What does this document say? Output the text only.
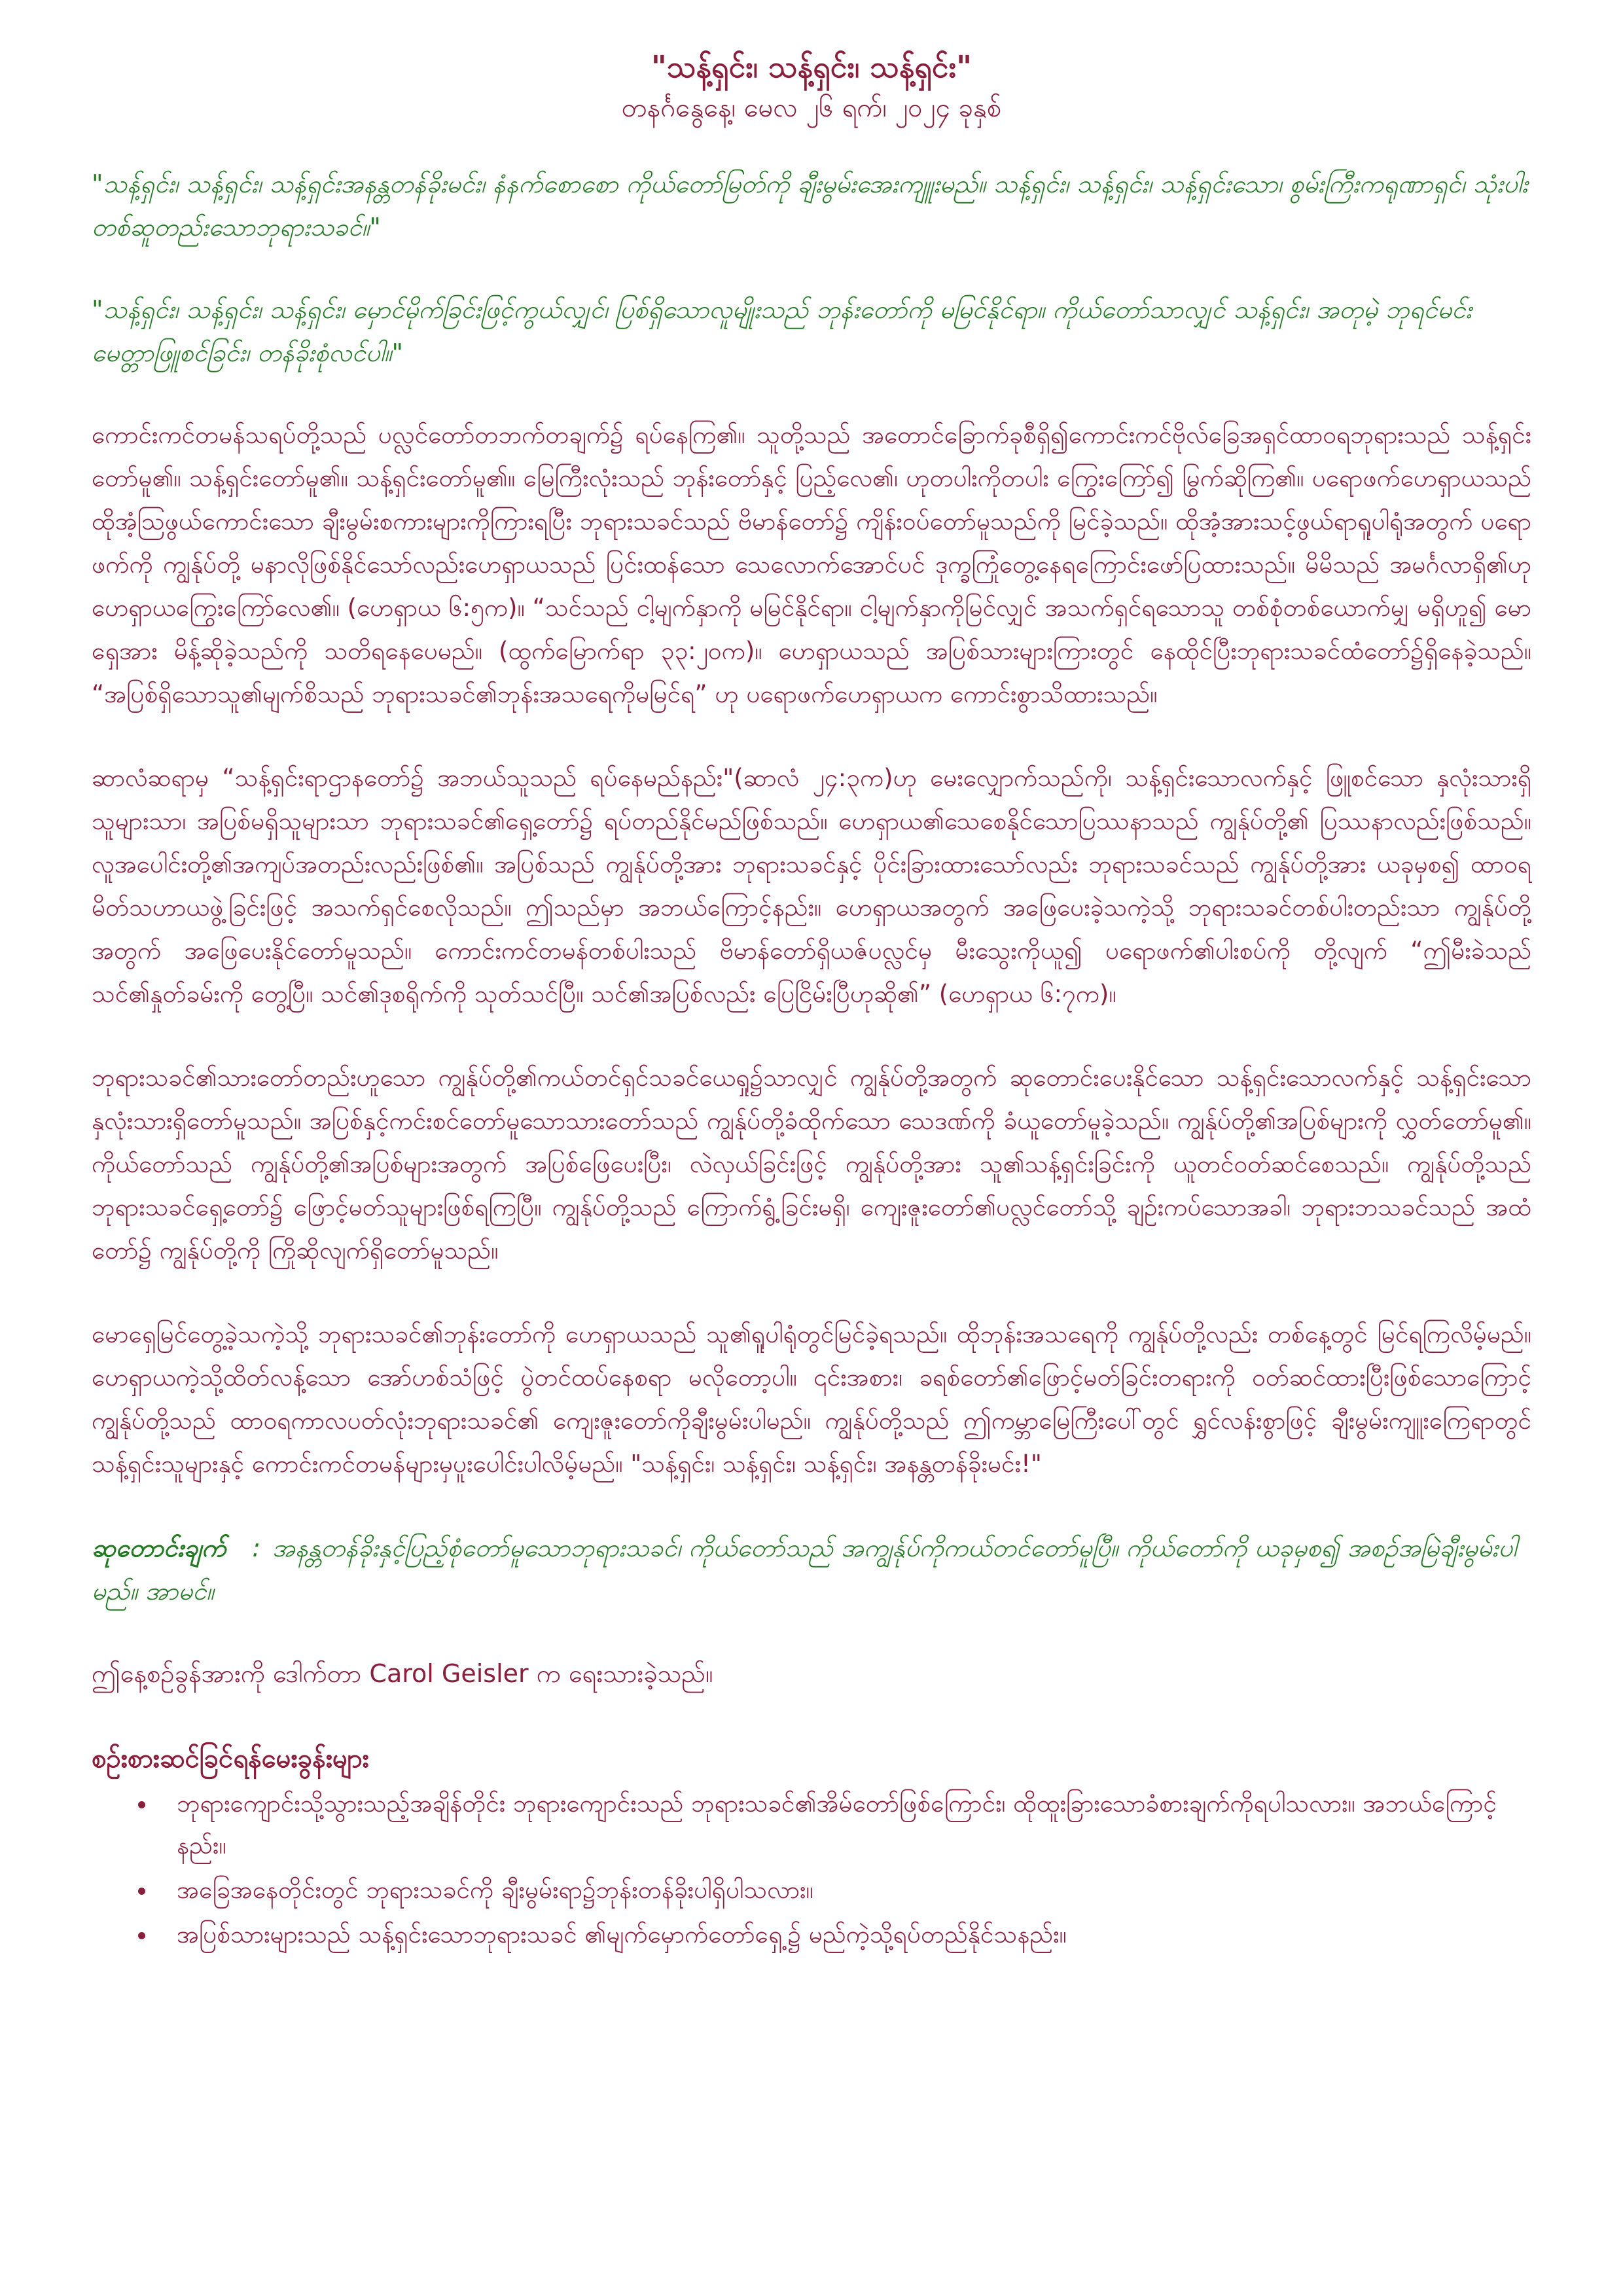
"သန့်ရှင်း၊ သန့်ရှင်း၊ သန့်ရှင်း"

တနင်္ဂနွေနေ့၊ မေလ ၂၆ ရက်၊ ၂၀၂၄ ခုနှစ်

"သန့်ရှင်း၊ သန့်ရှင်း၊ သန့်ရှင်းအနန္တတန်ခိုးမင်း၊ နံနက်စောစော ကိုယ်တော်မြတ်ကို ချီးမွမ်းအေးကျူးမည်။ သန့်ရှင်း၊ သန့်ရှင်း၊ သန့်ရှင်းသော၊ စွမ်းကြီးကရုဏာရှင်၊ သုံးပါးတစ်ဆူတည်းသောဘုရားသခင်။"

"သန့်ရှင်း၊ သန့်ရှင်း၊ သန့်ရှင်း၊ မှောင်မိုက်ခြင်းဖြင့်ကွယ်လျှင်၊ ပြစ်ရှိသောလူမျိုးသည် ဘုန်းတော်ကို မမြင်နိုင်ရာ။ ကိုယ်တော်သာလျှင် သန့်ရှင်း၊ အတုမဲ့ ဘုရင်မင်း မေတ္တာဖြူစင်ခြင်း၊ တန်ခိုးစုံလင်ပါ။"

ကောင်းကင်တမန်သရပ်တို့သည် ပလ္လင်တော်တဘက်တချက်၌ ရပ်နေကြ၏။ သူတို့သည် အတောင်ခြောက်ခုစီရှိ၍ကောင်းကင်ဗိုလ်ခြေအရှင်ထာဝရဘုရားသည် သန့်ရှင်းတော်မူ၏။ သန့်ရှင်းတော်မူ၏။ သန့်ရှင်းတော်မူ၏။ မြေကြီးလုံးသည် ဘုန်းတော်နှင့် ပြည့်လေ၏၊ ဟုတပါးကိုတပါး ကြွေးကြော်၍ မြွက်ဆိုကြ၏။ ပရောဖက်ဟေရှာယသည် ထိုအံ့သြဖွယ်ကောင်းသော ချီးမွမ်းစကားများကိုကြားရပြီး ဘုရားသခင်သည် ဗိမာန်တော်၌ ကျိန်းဝပ်တော်မူသည်ကို မြင်ခဲ့သည်။ ထိုအံ့အားသင့်ဖွယ်ရာရူပါရုံအတွက် ပရောဖက်ကို ကျွန်ုပ်တို့ မနာလိုဖြစ်နိုင်သော်လည်းဟေရှာယသည် ပြင်းထန်သော သေလောက်အောင်ပင် ဒုက္ခကြုံတွေ့နေရကြောင်းဖော်ပြထားသည်။ မိမိသည် အမင်္ဂလာရှိ၏ဟု ဟေရှာယကြွေးကြော်လေ၏။ (ဟေရှာယ ၆:၅က)။ “သင်သည် ငါ့မျက်နှာကို မမြင်နိုင်ရာ။ ငါ့မျက်နှာကိုမြင်လျှင် အသက်ရှင်ရသောသူ တစ်စုံတစ်ယောက်မျှ မရှိဟူ၍ မောရှေအား မိန့်ဆိုခဲ့သည်ကို သတိရနေပေမည်။ (ထွက်မြောက်ရာ ၃၃:၂၀က)။ ဟေရှာယသည် အပြစ်သားများကြားတွင် နေထိုင်ပြီးဘုရားသခင်ထံတော်၌ရှိနေခဲ့သည်။ “အပြစ်ရှိသောသူ၏မျက်စိသည် ဘုရားသခင်၏ဘုန်းအသရေကိုမမြင်ရ” ဟု ပရောဖက်ဟေရှာယက ကောင်းစွာသိထားသည်။

ဆာလံဆရာမှ “သန့်ရှင်းရာဌာနတော်၌ အဘယ်သူသည် ရပ်နေမည်နည်း"(ဆာလံ ၂၄:၃က)ဟု မေးလျှောက်သည်ကို၊ သန့်ရှင်းသောလက်နှင့် ဖြူစင်သော နှလုံးသားရှိသူများသာ၊ အပြစ်မရှိသူများသာ ဘုရားသခင်၏ရှေ့တော်၌ ရပ်တည်နိုင်မည်ဖြစ်သည်။ ဟေရှာယ၏သေစေနိုင်သောပြဿနာသည် ကျွန်ုပ်တို့၏ ပြဿနာလည်းဖြစ်သည်။ လူအပေါင်းတို့၏အကျပ်အတည်းလည်းဖြစ်၏။ အပြစ်သည် ကျွန်ုပ်တို့အား ဘုရားသခင်နှင့် ပိုင်းခြားထားသော်လည်း ဘုရားသခင်သည် ကျွန်ုပ်တို့အား ယခုမှစ၍ ထာဝရမိတ်သဟာယဖွဲ့ခြင်းဖြင့် အသက်ရှင်စေလိုသည်။ ဤသည်မှာ အဘယ်ကြောင့်နည်း။ ဟေရှာယအတွက် အဖြေပေးခဲ့သကဲ့သို့ ဘုရားသခင်တစ်ပါးတည်းသာ ကျွန်ုပ်တို့အတွက် အဖြေပေးနိုင်တော်မူသည်။ ကောင်းကင်တမန်တစ်ပါးသည် ဗိမာန်တော်ရှိယဇ်ပလ္လင်မှ မီးသွေးကိုယူ၍ ပရောဖက်၏ပါးစပ်ကို တို့လျက် “ဤမီးခဲသည် သင်၏နှုတ်ခမ်းကို တွေ့ပြီ။ သင်၏ဒုစရိုက်ကို သုတ်သင်ပြီ။ သင်၏အပြစ်လည်း ပြေငြိမ်းပြီဟုဆို၏” (ဟေရှာယ ၆:၇က)။

ဘုရားသခင်၏သားတော်တည်းဟူသော ကျွန်ုပ်တို့၏ကယ်တင်ရှင်သခင်ယေရှု၌သာလျှင် ကျွန်ုပ်တို့အတွက် ဆုတောင်းပေးနိုင်သော သန့်ရှင်းသောလက်နှင့် သန့်ရှင်းသောနှလုံးသားရှိတော်မူသည်။ အပြစ်နှင့်ကင်းစင်တော်မူသောသားတော်သည် ကျွန်ုပ်တို့ခံထိုက်သော သေဒဏ်ကို ခံယူတော်မူခဲ့သည်။ ကျွန်ုပ်တို့၏အပြစ်များကို လွှတ်တော်မူ၏။ ကိုယ်တော်သည် ကျွန်ုပ်တို့၏အပြစ်များအတွက် အပြစ်ဖြေပေးပြီး၊ လဲလှယ်ခြင်းဖြင့် ကျွန်ုပ်တို့အား သူ၏သန့်ရှင်းခြင်းကို ယူတင်ဝတ်ဆင်စေသည်။ ကျွန်ုပ်တို့သည် ဘုရားသခင်ရှေ့တော်၌ ဖြောင့်မတ်သူများဖြစ်ရကြပြီ။ ကျွန်ုပ်တို့သည် ကြောက်ရွံ့ခြင်းမရှိ၊ ကျေးဇူးတော်၏ပလ္လင်တော်သို့ ချဉ်းကပ်သောအခါ၊ ဘုရားဘသခင်သည် အထံတော်၌ ကျွန်ုပ်တို့ကို ကြိုဆိုလျက်ရှိတော်မူသည်။

မောရှေမြင်တွေ့ခဲ့သကဲ့သို့ ဘုရားသခင်၏ဘုန်းတော်ကို ဟေရှာယသည် သူ၏ရူပါရုံတွင်မြင်ခဲ့ရသည်။ ထိုဘုန်းအသရေကို ကျွန်ုပ်တို့လည်း တစ်နေ့တွင် မြင်ရကြလိမ့်မည်။ ဟေရှာယကဲ့သို့ထိတ်လန့်သော အော်ဟစ်သံဖြင့် ပွဲတင်ထပ်နေစရာ မလိုတော့ပါ။ ၎င်းအစား၊ ခရစ်တော်၏ဖြောင့်မတ်ခြင်းတရားကို ဝတ်ဆင်ထားပြီးဖြစ်သောကြောင့် ကျွန်ုပ်တို့သည် ထာဝရကာလပတ်လုံးဘုရားသခင်၏ ကျေးဇူးတော်ကိုချီးမွမ်းပါမည်။ ကျွန်ုပ်တို့သည် ဤကမ္ဘာမြေကြီးပေါ်တွင် ရွှင်လန်းစွာဖြင့် ချီးမွမ်းကျူးကြေရာတွင် သန့်ရှင်းသူများနှင့် ကောင်းကင်တမန်များမှပူးပေါင်းပါလိမ့်မည်။ "သန့်ရှင်း၊ သန့်ရှင်း၊ သန့်ရှင်း၊ အနန္တတန်ခိုးမင်း!"

ဆုတောင်းချက် : အနန္တတန်ခိုးနှင့်ပြည့်စုံတော်မူသောဘုရားသခင်၊ ကိုယ်တော်သည် အကျွန်ုပ်ကိုကယ်တင်တော်မူပြီ။ ကိုယ်တော်ကို ယခုမှစ၍ အစဉ်အမြဲချီးမွမ်းပါမည်။ အာမင်။

ဤနေ့စဉ်ခွန်အားကို ဒေါက်တာ Carol Geisler က ရေးသားခဲ့သည်။

စဉ်းစားဆင်ခြင်ရန်မေးခွန်းများ
• ဘုရားကျောင်းသို့သွားသည့်အချိန်တိုင်း ဘုရားကျောင်းသည် ဘုရားသခင်၏အိမ်တော်ဖြစ်ကြောင်း၊ ထိုထူးခြားသောခံစားချက်ကိုရပါသလား။ အဘယ်ကြောင့်နည်း။
• အခြေအနေတိုင်းတွင် ဘုရားသခင်ကို ချီးမွမ်းရာ၌ဘုန်းတန်ခိုးပါရှိပါသလား။
• အပြစ်သားများသည် သန့်ရှင်းသောဘုရားသခင် ၏မျက်မှောက်တော်ရှေ့၌ မည်ကဲ့သို့ရပ်တည်နိုင်သနည်း။
